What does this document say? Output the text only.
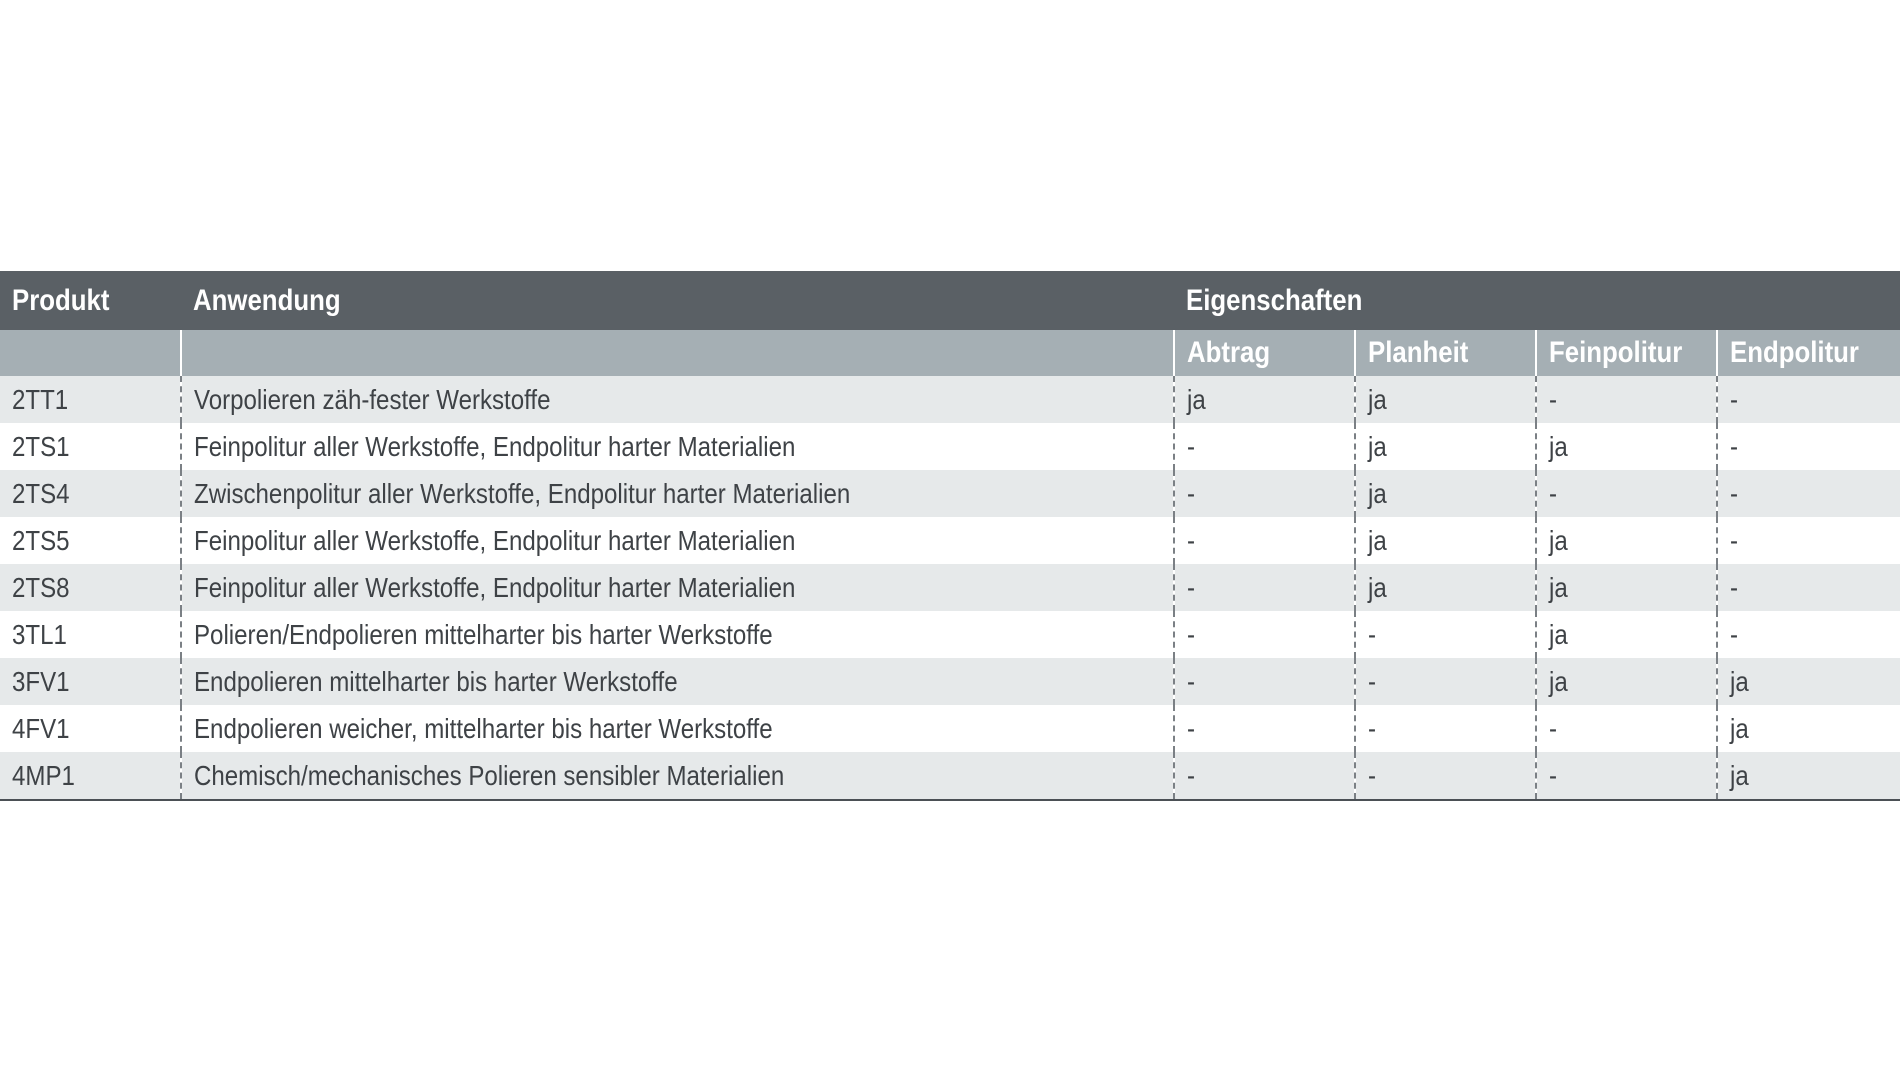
Produkt	Anwendung	Eigenschaften			
		Abtrag	Planheit	Feinpolitur	Endpolitur
2TT1	Vorpolieren zäh-fester Werkstoffe	ja	ja	-	-
2TS1	Feinpolitur aller Werkstoffe, Endpolitur harter Materialien	-	ja	ja	-
2TS4	Zwischenpolitur aller Werkstoffe, Endpolitur harter Materialien	-	ja	-	-
2TS5	Feinpolitur aller Werkstoffe, Endpolitur harter Materialien	-	ja	ja	-
2TS8	Feinpolitur aller Werkstoffe, Endpolitur harter Materialien	-	ja	ja	-
3TL1	Polieren/Endpolieren mittelharter bis harter Werkstoffe	-	-	ja	-
3FV1	Endpolieren mittelharter bis harter Werkstoffe	-	-	ja	ja
4FV1	Endpolieren weicher, mittelharter bis harter Werkstoffe	-	-	-	ja
4MP1	Chemisch/mechanisches Polieren sensibler Materialien	-	-	-	ja
